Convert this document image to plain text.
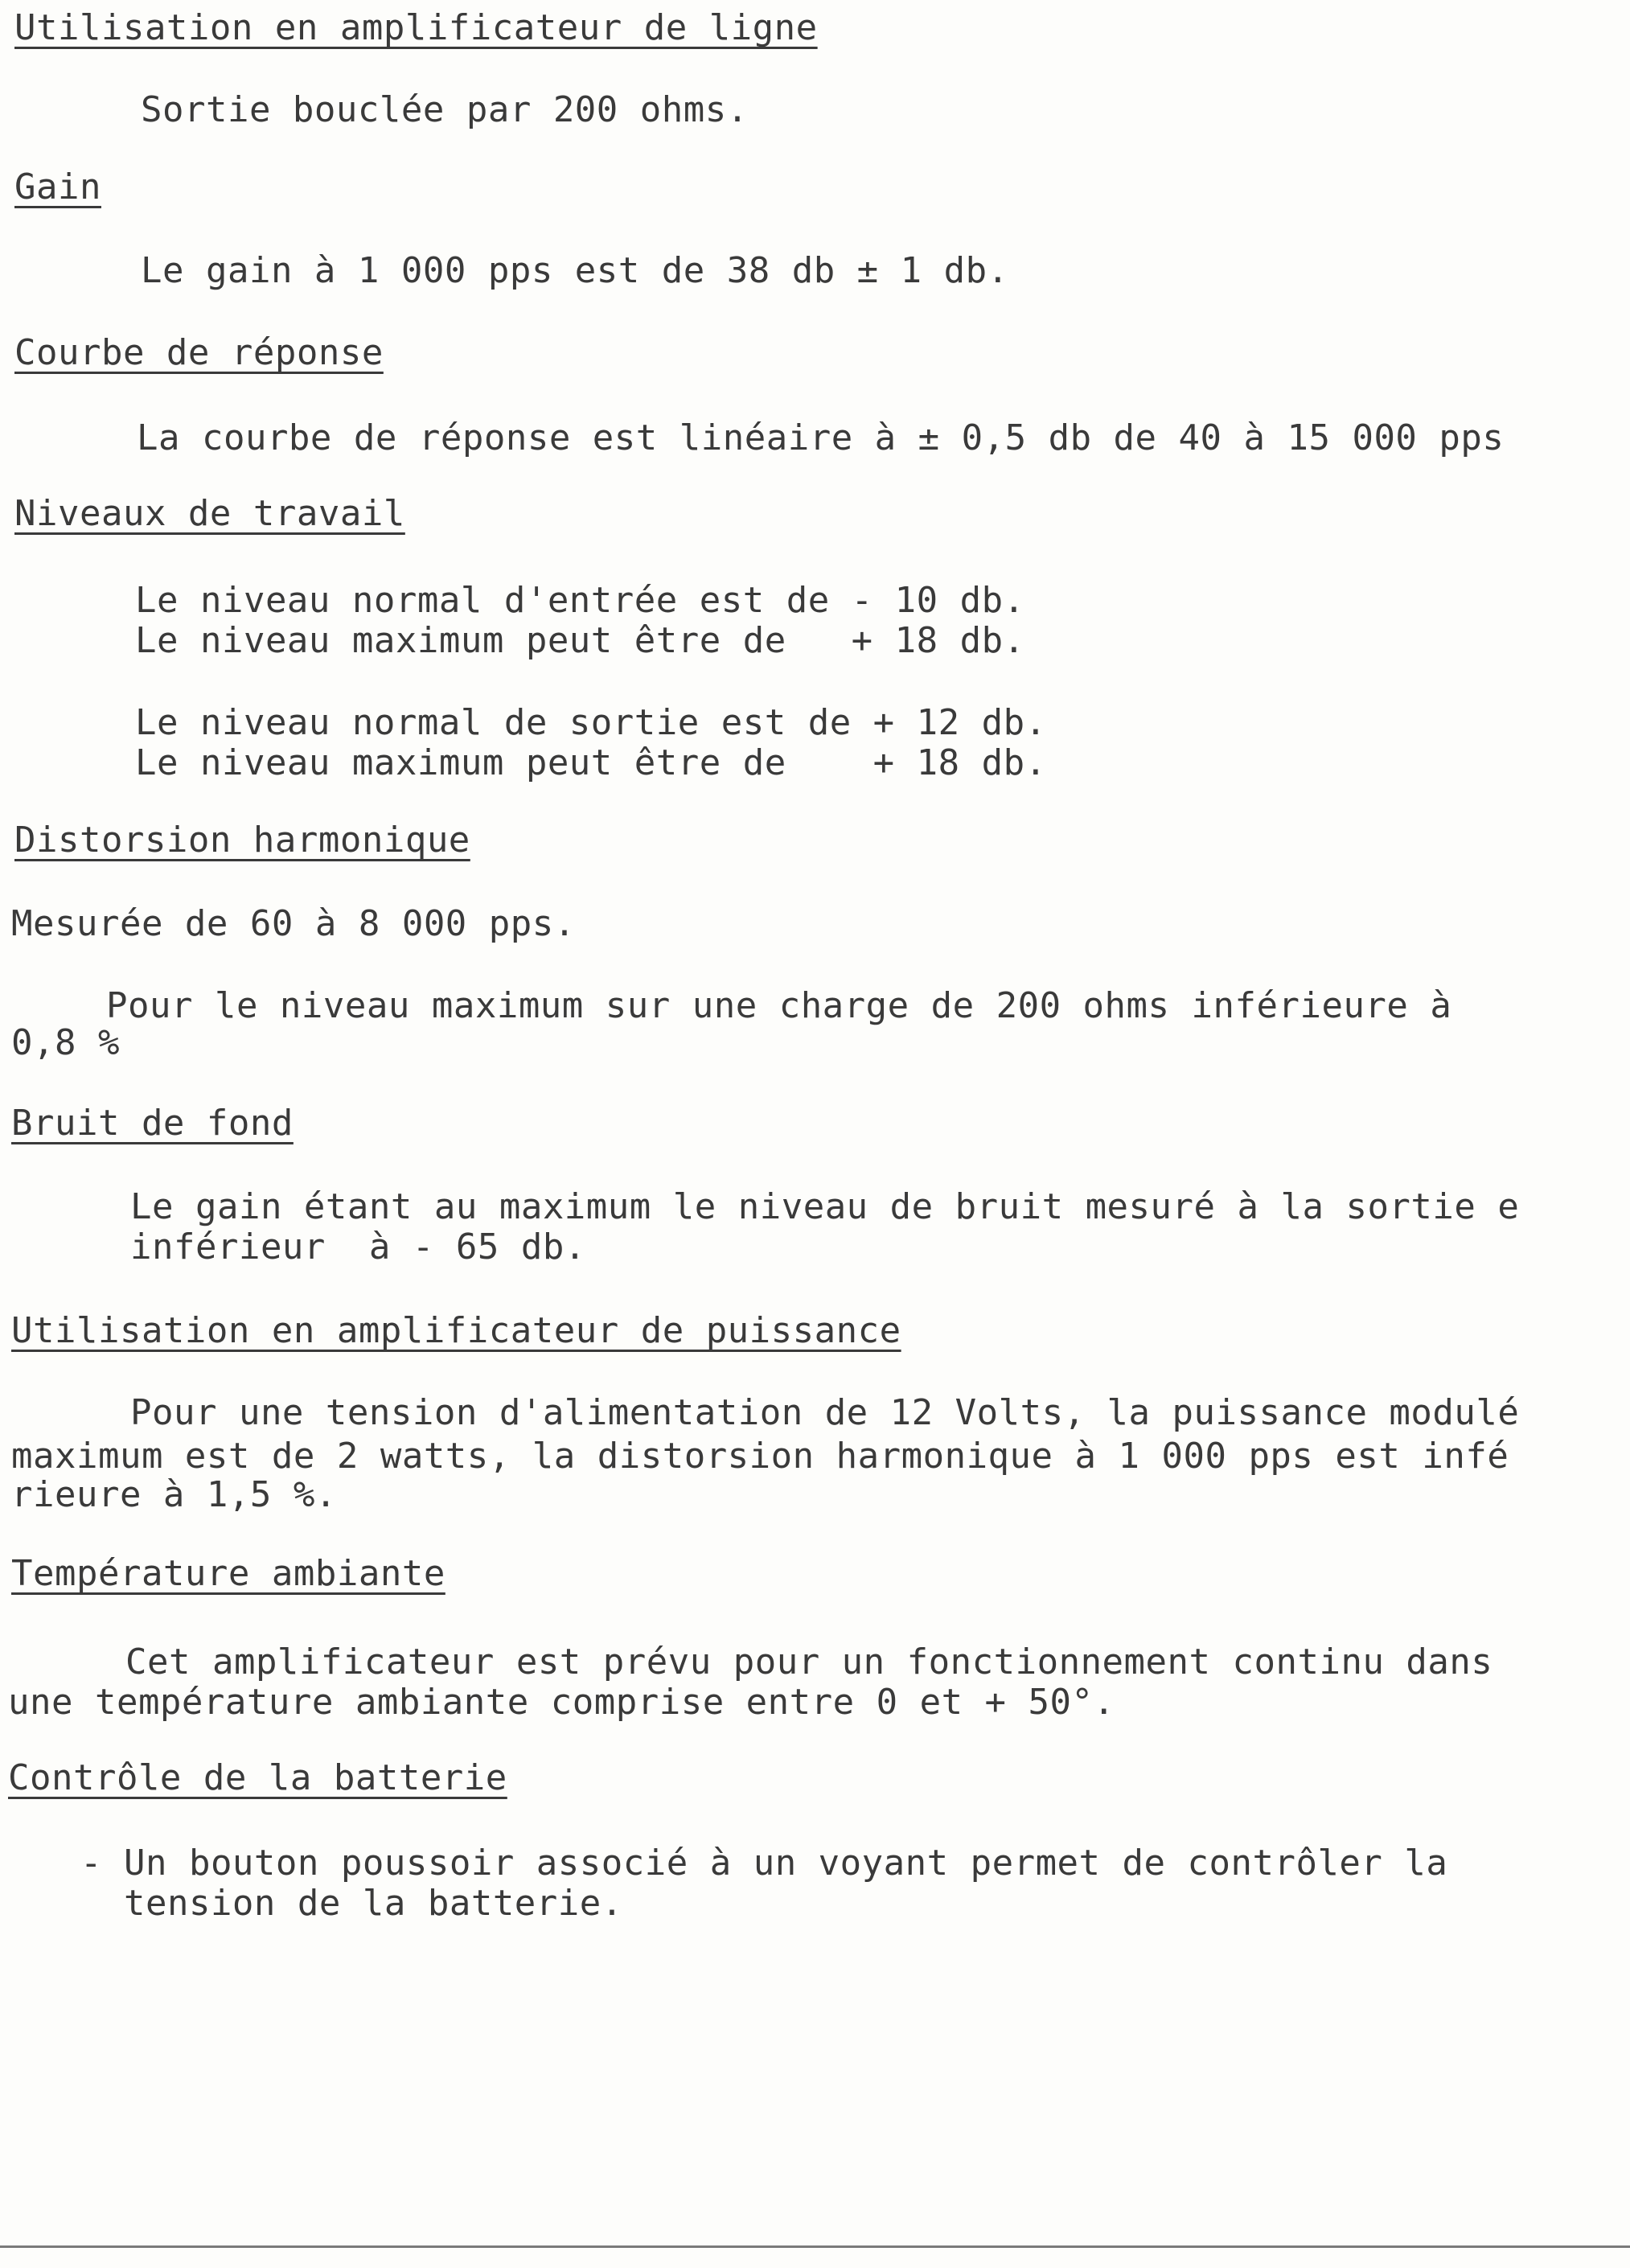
Utilisation en amplificateur de ligne

Sortie bouclée par 200 ohms.

Gain

Le gain à 1 000 pps est de 38 db ± 1 db.

Courbe de réponse

La courbe de réponse est linéaire à ± 0,5 db de 40 à 15 000 pps

Niveaux de travail

Le niveau normal d'entrée est de - 10 db.

Le niveau maximum peut être de   + 18 db.

Le niveau normal de sortie est de + 12 db.

Le niveau maximum peut être de    + 18 db.

Distorsion harmonique

Mesurée de 60 à 8 000 pps.

Pour le niveau maximum sur une charge de 200 ohms inférieure à

0,8 %

Bruit de fond

Le gain étant au maximum le niveau de bruit mesuré à la sortie e

inférieur  à - 65 db.

Utilisation en amplificateur de puissance

Pour une tension d'alimentation de 12 Volts, la puissance modulé

maximum est de 2 watts, la distorsion harmonique à 1 000 pps est infé

rieure à 1,5 %.

Température ambiante

Cet amplificateur est prévu pour un fonctionnement continu dans

une température ambiante comprise entre 0 et + 50°.

Contrôle de la batterie

- Un bouton poussoir associé à un voyant permet de contrôler la

tension de la batterie.
